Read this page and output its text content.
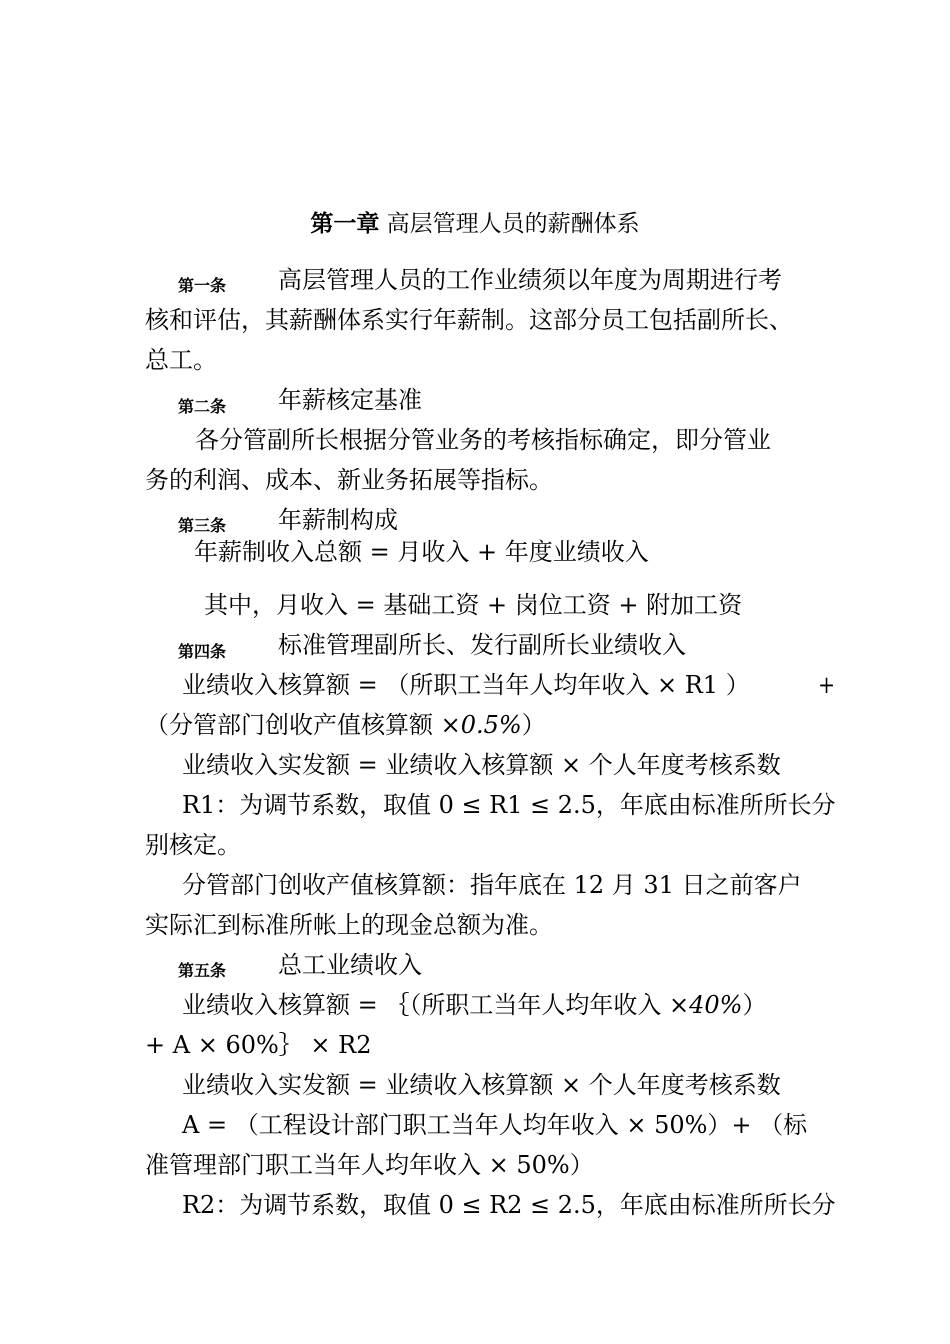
第一章 高层管理人员的薪酬体系
第一条 高层管理人员的工作业绩须以年度为周期进行考
核和评估，其薪酬体系实行年薪制。这部分员工包括副所长、
总工。
第二条 年薪核定基准
各分管副所长根据分管业务的考核指标确定，即分管业
务的利润、成本、新业务拓展等指标。
第三条 年薪制构成
年薪制收入总额 = 月收入 + 年度业绩收入
其中，月收入 = 基础工资 + 岗位工资 + 附加工资
第四条 标准管理副所长、发行副所长业绩收入
业绩收入核算额 = （所职工当年人均年收入 × R1 ）	+
（分管部门创收产值核算额 ×0.5%）
业绩收入实发额 = 业绩收入核算额 × 个人年度考核系数
R1：为调节系数，取值 0 ≤ R1 ≤ 2.5，年底由标准所所长分
别核定。
分管部门创收产值核算额：指年底在 12 月 31 日之前客户
实际汇到标准所帐上的现金总额为准。
第五条 总工业绩收入
业绩收入核算额 = ｛（所职工当年人均年收入 ×40%）
+ A × 60%｝ × R2
业绩收入实发额 = 业绩收入核算额 × 个人年度考核系数
A = （工程设计部门职工当年人均年收入 × 50%）+ （标
准管理部门职工当年人均年收入 × 50%）
R2：为调节系数，取值 0 ≤ R2 ≤ 2.5，年底由标准所所长分
